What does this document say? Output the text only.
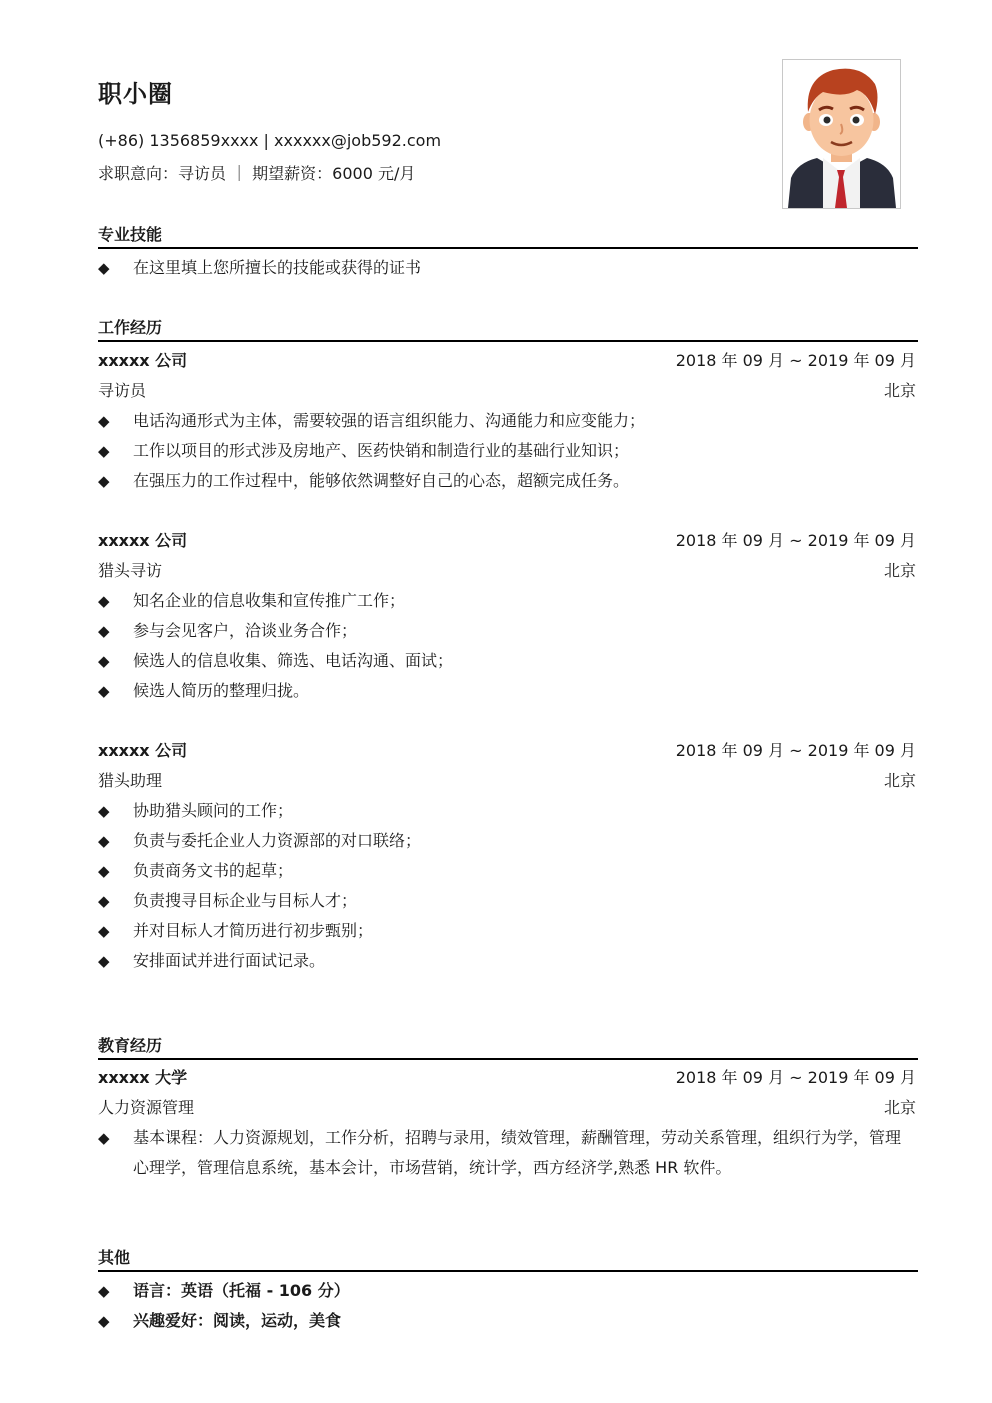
职小圈
(+86) 1356859xxxx | xxxxxx@job592.com
求职意向：寻访员 ｜ 期望薪资：6000 元/月
专业技能
◆	在这里填上您所擅长的技能或获得的证书
工作经历
xxxxx 公司	2018 年 09 月 ~ 2019 年 09 月
寻访员	北京
◆	电话沟通形式为主体，需要较强的语言组织能力、沟通能力和应变能力；
◆	工作以项目的形式涉及房地产、医药快销和制造行业的基础行业知识；
◆	在强压力的工作过程中，能够依然调整好自己的心态，超额完成任务。
xxxxx 公司	2018 年 09 月 ~ 2019 年 09 月
猎头寻访	北京
◆	知名企业的信息收集和宣传推广工作；
◆	参与会见客户，洽谈业务合作；
◆	候选人的信息收集、筛选、电话沟通、面试；
◆	候选人简历的整理归拢。
xxxxx 公司	2018 年 09 月 ~ 2019 年 09 月
猎头助理	北京
◆	协助猎头顾问的工作；
◆	负责与委托企业人力资源部的对口联络；
◆	负责商务文书的起草；
◆	负责搜寻目标企业与目标人才；
◆	并对目标人才简历进行初步甄别；
◆	安排面试并进行面试记录。
教育经历
xxxxx 大学	2018 年 09 月 ~ 2019 年 09 月
人力资源管理	北京
◆	基本课程：人力资源规划，工作分析，招聘与录用，绩效管理，薪酬管理，劳动关系管理，组织行为学，管理心理学，管理信息系统，基本会计，市场营销，统计学，西方经济学,熟悉 HR 软件。
其他
◆	语言：英语（托福 - 106 分）
◆	兴趣爱好：阅读，运动，美食
